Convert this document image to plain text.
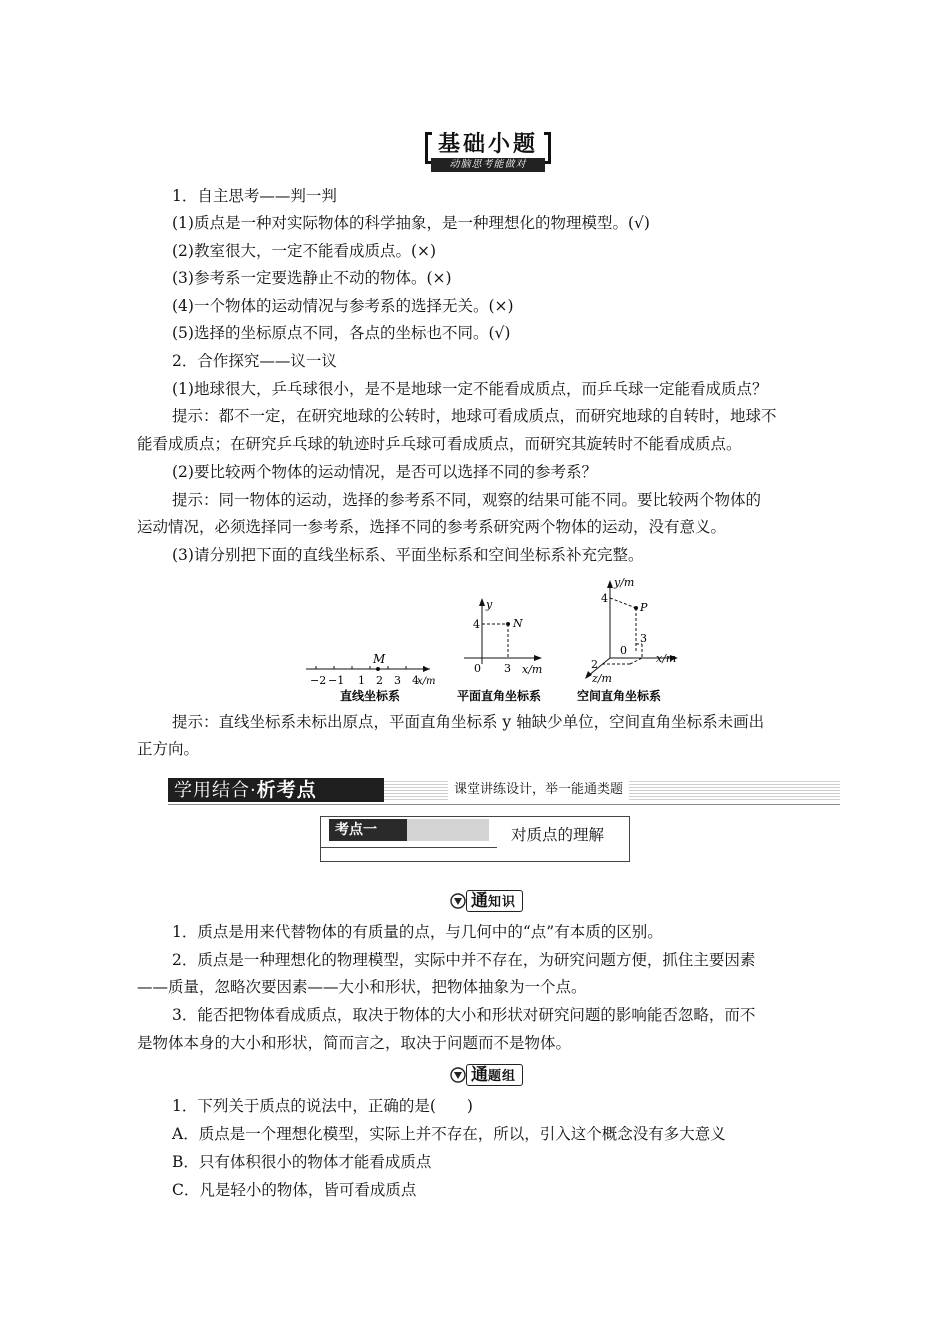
基础小题
动脑思考能做对
1．自主思考——判一判
(1)质点是一种对实际物体的科学抽象，是一种理想化的物理模型。(√)
(2)教室很大，一定不能看成质点。(×)
(3)参考系一定要选静止不动的物体。(×)
(4)一个物体的运动情况与参考系的选择无关。(×)
(5)选择的坐标原点不同，各点的坐标也不同。(√)
2．合作探究——议一议
(1)地球很大，乒乓球很小，是不是地球一定不能看成质点，而乒乓球一定能看成质点？
提示：都不一定，在研究地球的公转时，地球可看成质点，而研究地球的自转时，地球不
能看成质点；在研究乒乓球的轨迹时乒乓球可看成质点，而研究其旋转时不能看成质点。
(2)要比较两个物体的运动情况，是否可以选择不同的参考系？
提示：同一物体的运动，选择的参考系不同，观察的结果可能不同。要比较两个物体的
运动情况，必须选择同一参考系，选择不同的参考系研究两个物体的运动，没有意义。
(3)请分别把下面的直线坐标系、平面坐标系和空间坐标系补充完整。
M
−2 −1 1 2 3 4
x/m
直线坐标系
y
N
4
0 3 x/m
平面直角坐标系
y/m
P
4
3
0
2	x/m
z/m
空间直角坐标系
提示：直线坐标系未标出原点，平面直角坐标系 y 轴缺少单位，空间直角坐标系未画出
正方向。
学用结合·析考点	课堂讲练设计，举一能通类题
考点一	对质点的理解
通知识
1．质点是用来代替物体的有质量的点，与几何中的“点”有本质的区别。
2．质点是一种理想化的物理模型，实际中并不存在，为研究问题方便，抓住主要因素
——质量，忽略次要因素——大小和形状，把物体抽象为一个点。
3．能否把物体看成质点，取决于物体的大小和形状对研究问题的影响能否忽略，而不
是物体本身的大小和形状，简而言之，取决于问题而不是物体。
通题组
1．下列关于质点的说法中，正确的是(　　)
A．质点是一个理想化模型，实际上并不存在，所以，引入这个概念没有多大意义
B．只有体积很小的物体才能看成质点
C．凡是轻小的物体，皆可看成质点
